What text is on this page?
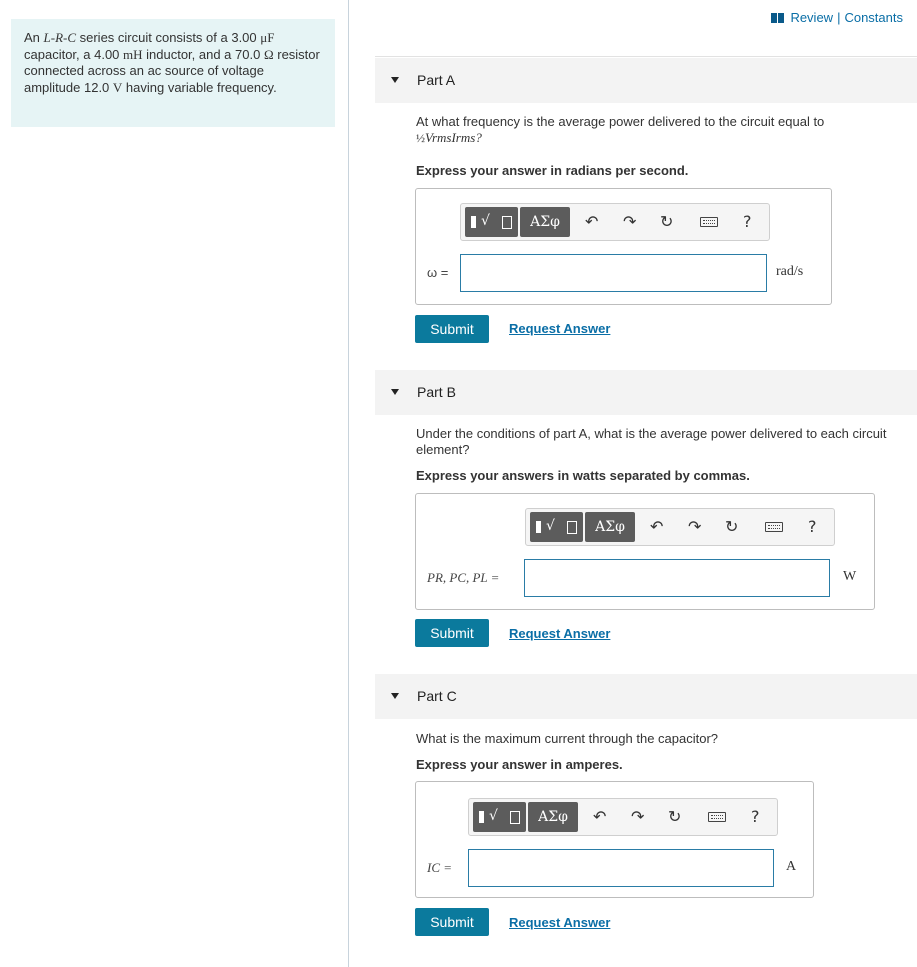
An L-R-C series circuit consists of a 3.00 μF capacitor, a 4.00 mH inductor, and a 70.0 Ω resistor connected across an ac source of voltage amplitude 12.0 V having variable frequency.
Review | Constants
Part A
At what frequency is the average power delivered to the circuit equal to
½VrmsIrms?
Express your answer in radians per second.
√	ΑΣφ	↶ ↷ ↻	?
ω =	rad/s
Submit	Request Answer
Part B
Under the conditions of part A, what is the average power delivered to each circuit element?
Express your answers in watts separated by commas.
√	ΑΣφ	↶ ↷ ↻	?
PR, PC, PL =	W
Submit	Request Answer
Part C
What is the maximum current through the capacitor?
Express your answer in amperes.
√	ΑΣφ	↶ ↷ ↻	?
IC =	A
Submit	Request Answer
